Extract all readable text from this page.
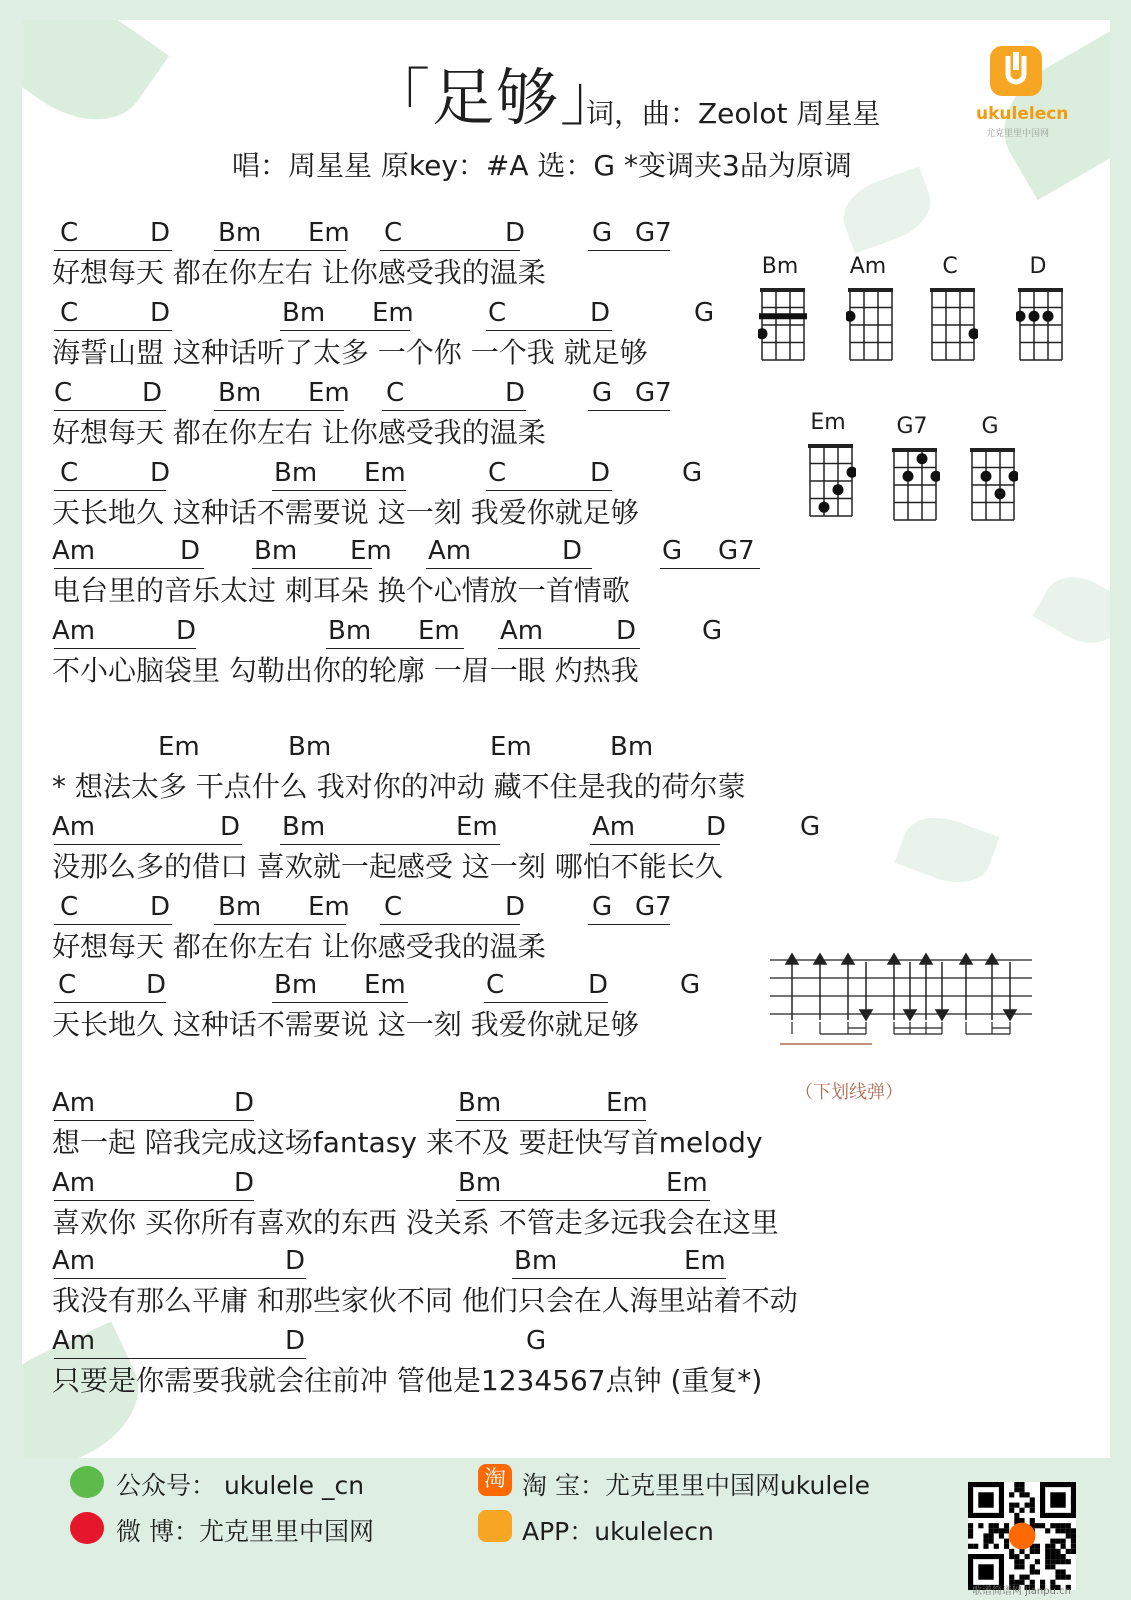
「足够」
词，曲：Zeolot 周星星
唱：周星星 原key：#A 选：G *变调夹3品为原调
ukulelecn
尤克里里中国网
Bm	Am	C	D
Em	G7	G
C	D Bm Em C	D	G G7
好想每天 都在你左右 让你感受我的温柔
C	D	Bm Em	C	D	G
海誓山盟 这种话听了太多 一个你 一个我 就足够
C	D Bm Em C	D	G G7
好想每天 都在你左右 让你感受我的温柔
C	D	Bm Em	C	D	G
天长地久 这种话不需要说 这一刻 我爱你就足够
Am	D Bm Em Am	D	G G7
电台里的音乐太过 刺耳朵 换个心情放一首情歌
Am	D	Bm Em Am	D	G
不小心脑袋里 勾勒出你的轮廓 一眉一眼 灼热我
Em	Bm	Em	Bm
* 想法太多 干点什么 我对你的冲动 藏不住是我的荷尔蒙
Am	D Bm	Em	Am	D	G
没那么多的借口 喜欢就一起感受 这一刻 哪怕不能长久
C	D Bm Em C	D	G G7
好想每天 都在你左右 让你感受我的温柔
C	D	Bm Em	C	D	G
天长地久 这种话不需要说 这一刻 我爱你就足够
Am	D	Bm	Em
想一起 陪我完成这场fantasy 来不及 要赶快写首melody
Am	D	Bm	Em
喜欢你 买你所有喜欢的东西 没关系 不管走多远我会在这里
Am	D	Bm	Em
我没有那么平庸 和那些家伙不同 他们只会在人海里站着不动
Am	D	G
只要是你需要我就会往前冲 管他是1234567点钟 (重复*)
（下划线弹）
公众号： ukulele _cn	淘 淘 宝：尤克里里中国网ukulele
微 博：尤克里里中国网	APP：ukulelecn
歌谱简谱网 jianpu.cn
